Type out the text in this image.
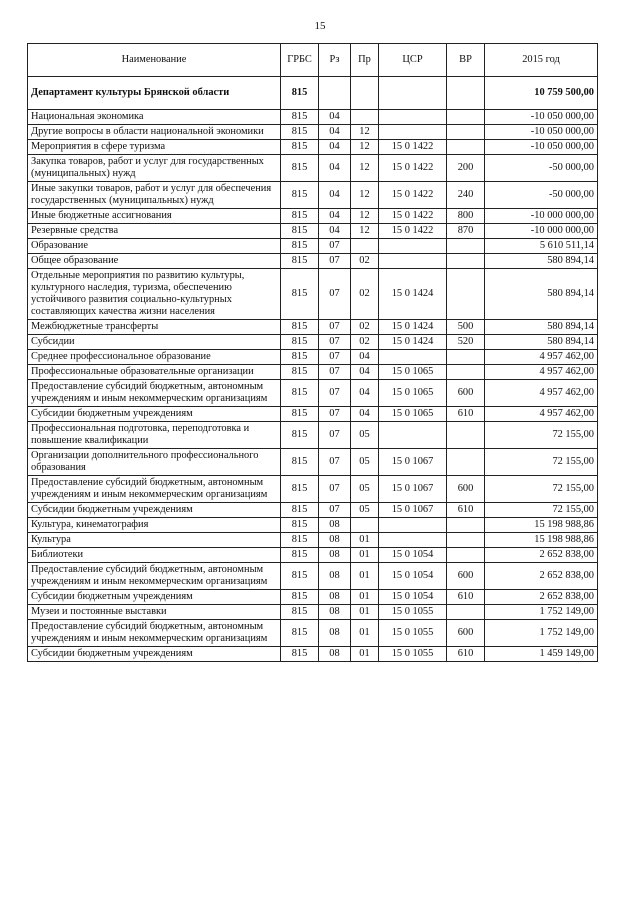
15
Наименование	ГРБС	Рз	Пр	ЦСР	ВР	2015 год
Департамент культуры Брянской области	815					10 759 500,00
Национальная экономика	815	04				-10 050 000,00
Другие вопросы в области национальной экономики	815	04	12			-10 050 000,00
Мероприятия в сфере туризма	815	04	12	15 0 1422		-10 050 000,00
Закупка товаров, работ и услуг для государственных (муниципальных) нужд	815	04	12	15 0 1422	200	-50 000,00
Иные закупки товаров, работ и услуг для обеспечения государственных (муниципальных) нужд	815	04	12	15 0 1422	240	-50 000,00
Иные бюджетные ассигнования	815	04	12	15 0 1422	800	-10 000 000,00
Резервные средства	815	04	12	15 0 1422	870	-10 000 000,00
Образование	815	07				5 610 511,14
Общее образование	815	07	02			580 894,14
Отдельные мероприятия по развитию культуры, культурного наследия, туризма, обеспечению устойчивого развития социально-культурных составляющих качества жизни населения	815	07	02	15 0 1424		580 894,14
Межбюджетные трансферты	815	07	02	15 0 1424	500	580 894,14
Субсидии	815	07	02	15 0 1424	520	580 894,14
Среднее профессиональное образование	815	07	04			4 957 462,00
Профессиональные образовательные организации	815	07	04	15 0 1065		4 957 462,00
Предоставление субсидий бюджетным, автономным учреждениям и иным некоммерческим организациям	815	07	04	15 0 1065	600	4 957 462,00
Субсидии бюджетным учреждениям	815	07	04	15 0 1065	610	4 957 462,00
Профессиональная подготовка, переподготовка и повышение квалификации	815	07	05			72 155,00
Организации дополнительного профессионального образования	815	07	05	15 0 1067		72 155,00
Предоставление субсидий бюджетным, автономным учреждениям и иным некоммерческим организациям	815	07	05	15 0 1067	600	72 155,00
Субсидии бюджетным учреждениям	815	07	05	15 0 1067	610	72 155,00
Культура, кинематография	815	08				15 198 988,86
Культура	815	08	01			15 198 988,86
Библиотеки	815	08	01	15 0 1054		2 652 838,00
Предоставление субсидий бюджетным, автономным учреждениям и иным некоммерческим организациям	815	08	01	15 0 1054	600	2 652 838,00
Субсидии бюджетным учреждениям	815	08	01	15 0 1054	610	2 652 838,00
Музеи и постоянные выставки	815	08	01	15 0 1055		1 752 149,00
Предоставление субсидий бюджетным, автономным учреждениям и иным некоммерческим организациям	815	08	01	15 0 1055	600	1 752 149,00
Субсидии бюджетным учреждениям	815	08	01	15 0 1055	610	1 459 149,00
